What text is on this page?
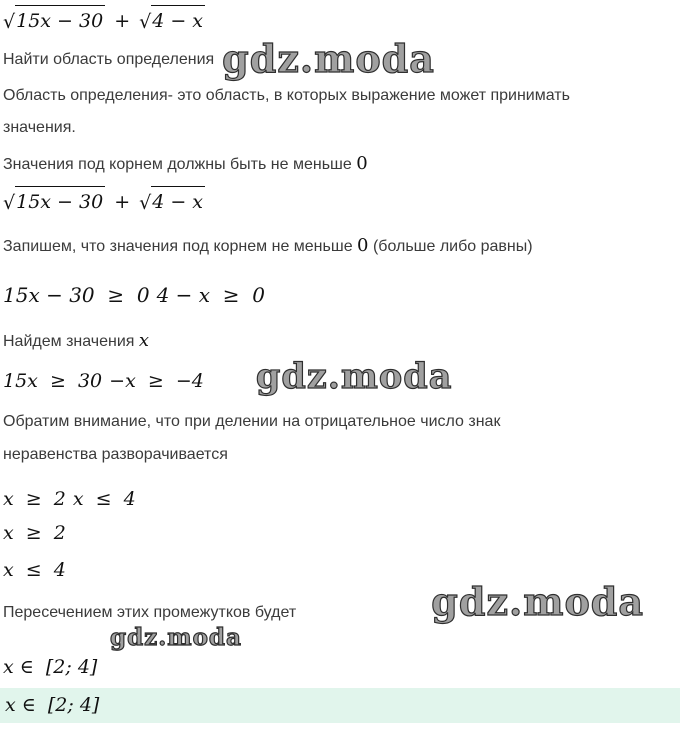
√15x − 30 + √4 − x
Найти область определения gdz.moda

Область определения- это область, в которых выражение может принимать значения.

Значения под корнем должны быть не меньше 0

√15x − 30 + √4 − x

Запишем, что значения под корнем не меньше 0 (больше либо равны)

15x − 30  ≥  0 4 − x  ≥  0

Найдем значения x

15x  ≥  30 −x  ≥  −4 gdz.moda

Обратим внимание, что при делении на отрицательное число знак неравенства разворачивается

x  ≥  2 x  ≤  4
x  ≥  2
x  ≤  4
Пересечением этих промежутков будет	gdz.moda
gdz.moda
x ∈  [2; 4]
x ∈  [2; 4]
